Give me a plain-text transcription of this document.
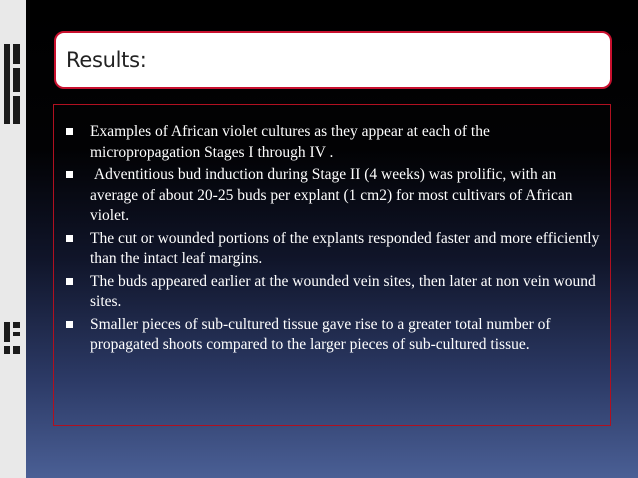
Results:
Examples of African violet cultures as they appear at each of the micropropagation Stages I through IV .
Adventitious bud induction during Stage II (4 weeks) was prolific, with an average of about 20-25 buds per explant (1 cm2) for most cultivars of African violet.
The cut or wounded portions of the explants responded faster and more efficiently than the intact leaf margins.
The buds appeared earlier at the wounded vein sites, then later at non vein wound sites.
Smaller pieces of sub-cultured tissue gave rise to a greater total number of propagated shoots compared to the larger pieces of sub-cultured tissue.
